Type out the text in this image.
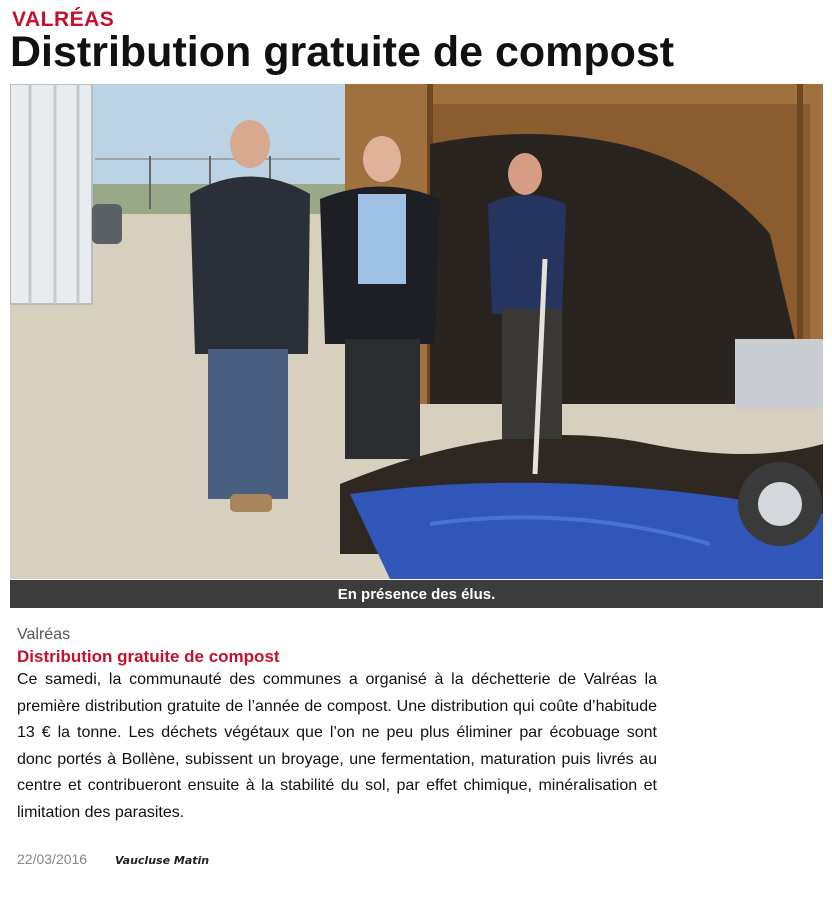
VALRÉAS
Distribution gratuite de compost
En présence des élus.
Valréas
Distribution gratuite de compost
Ce samedi, la communauté des communes a organisé à la déchetterie de Valréas la première distribution gratuite de l’année de compost. Une distribution qui coûte d’habitude 13 € la tonne. Les déchets végétaux que l’on ne peu plus éliminer par écobuage sont donc portés à Bollène, subissent un broyage, une fermentation, maturation puis livrés au centre et contribueront ensuite à la stabilité du sol, par effet chimique, minéralisation et limitation des parasites.
22/03/2016	Vaucluse Matin
